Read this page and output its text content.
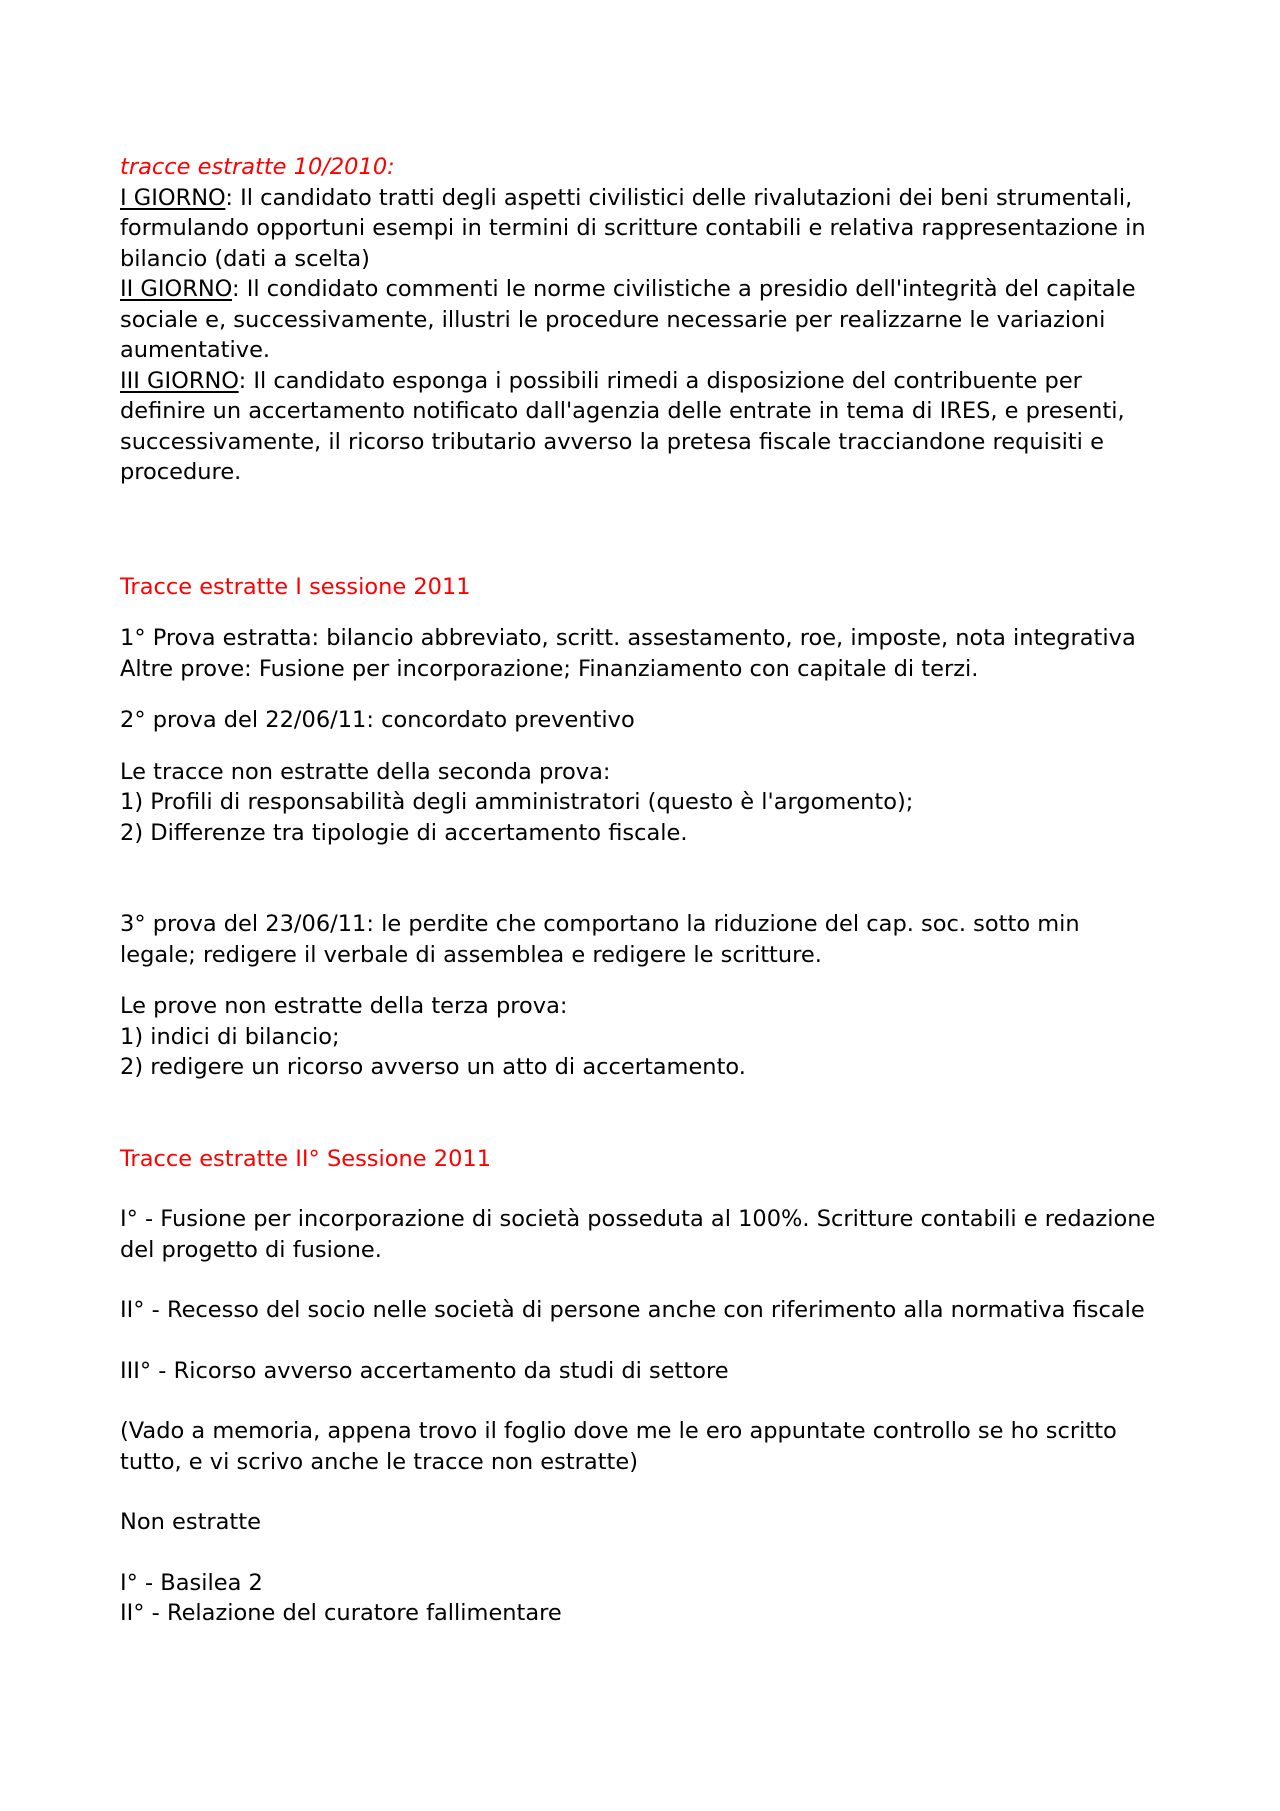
tracce estratte 10/2010:

I GIORNO: Il candidato tratti degli aspetti civilistici delle rivalutazioni dei beni strumentali, formulando opportuni esempi in termini di scritture contabili e relativa rappresentazione in bilancio (dati a scelta)

II GIORNO: Il condidato commenti le norme civilistiche a presidio dell'integrità del capitale sociale e, successivamente, illustri le procedure necessarie per realizzarne le variazioni aumentative.

III GIORNO: Il candidato esponga i possibili rimedi a disposizione del contribuente per definire un accertamento notificato dall'agenzia delle entrate in tema di IRES, e presenti, successivamente, il ricorso tributario avverso la pretesa fiscale tracciandone requisiti e procedure.

Tracce estratte I sessione 2011

1° Prova estratta: bilancio abbreviato, scritt. assestamento, roe, imposte, nota integrativa

Altre prove: Fusione per incorporazione; Finanziamento con capitale di terzi.

2° prova del 22/06/11: concordato preventivo

Le tracce non estratte della seconda prova:

1) Profili di responsabilità degli amministratori (questo è l'argomento);

2) Differenze tra tipologie di accertamento fiscale.

3° prova del 23/06/11: le perdite che comportano la riduzione del cap. soc. sotto min legale; redigere il verbale di assemblea e redigere le scritture.

Le prove non estratte della terza prova:

1) indici di bilancio;

2) redigere un ricorso avverso un atto di accertamento.

Tracce estratte II° Sessione 2011

I° - Fusione per incorporazione di società posseduta al 100%. Scritture contabili e redazione del progetto di fusione.

II° - Recesso del socio nelle società di persone anche con riferimento alla normativa fiscale

III° - Ricorso avverso accertamento da studi di settore

(Vado a memoria, appena trovo il foglio dove me le ero appuntate controllo se ho scritto tutto, e vi scrivo anche le tracce non estratte)

Non estratte

I° - Basilea 2

II° - Relazione del curatore fallimentare
